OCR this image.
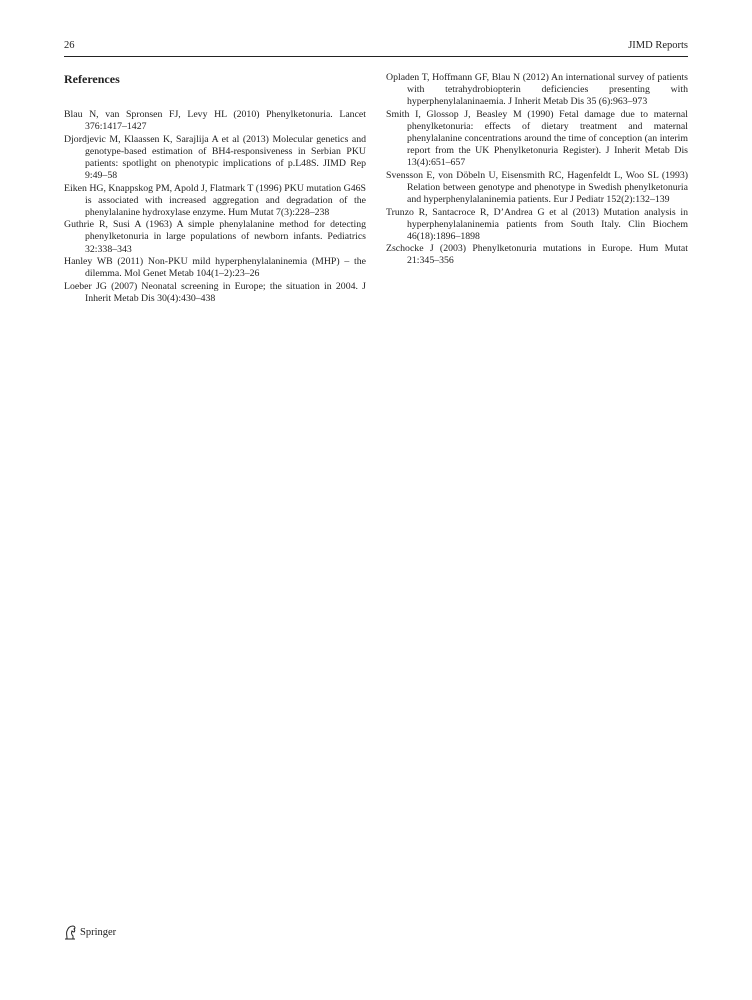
26	JIMD Reports
References
Blau N, van Spronsen FJ, Levy HL (2010) Phenylketonuria. Lancet 376:1417–1427
Djordjevic M, Klaassen K, Sarajlija A et al (2013) Molecular genetics and genotype-based estimation of BH4-responsiveness in Serbian PKU patients: spotlight on phenotypic implications of p.L48S. JIMD Rep 9:49–58
Eiken HG, Knappskog PM, Apold J, Flatmark T (1996) PKU mutation G46S is associated with increased aggregation and degradation of the phenylalanine hydroxylase enzyme. Hum Mutat 7(3):228–238
Guthrie R, Susi A (1963) A simple phenylalanine method for detecting phenylketonuria in large populations of newborn infants. Pediatrics 32:338–343
Hanley WB (2011) Non-PKU mild hyperphenylalaninemia (MHP) – the dilemma. Mol Genet Metab 104(1–2):23–26
Loeber JG (2007) Neonatal screening in Europe; the situation in 2004. J Inherit Metab Dis 30(4):430–438
Opladen T, Hoffmann GF, Blau N (2012) An international survey of patients with tetrahydrobiopterin deficiencies presenting with hyperphenylalaninaemia. J Inherit Metab Dis 35 (6):963–973
Smith I, Glossop J, Beasley M (1990) Fetal damage due to maternal phenylketonuria: effects of dietary treatment and maternal phenylalanine concentrations around the time of conception (an interim report from the UK Phenylketonuria Register). J Inherit Metab Dis 13(4):651–657
Svensson E, von Döbeln U, Eisensmith RC, Hagenfeldt L, Woo SL (1993) Relation between genotype and phenotype in Swedish phenylketonuria and hyperphenylalaninemia patients. Eur J Pediatr 152(2):132–139
Trunzo R, Santacroce R, D’Andrea G et al (2013) Mutation analysis in hyperphenylalaninemia patients from South Italy. Clin Biochem 46(18):1896–1898
Zschocke J (2003) Phenylketonuria mutations in Europe. Hum Mutat 21:345–356
Springer
